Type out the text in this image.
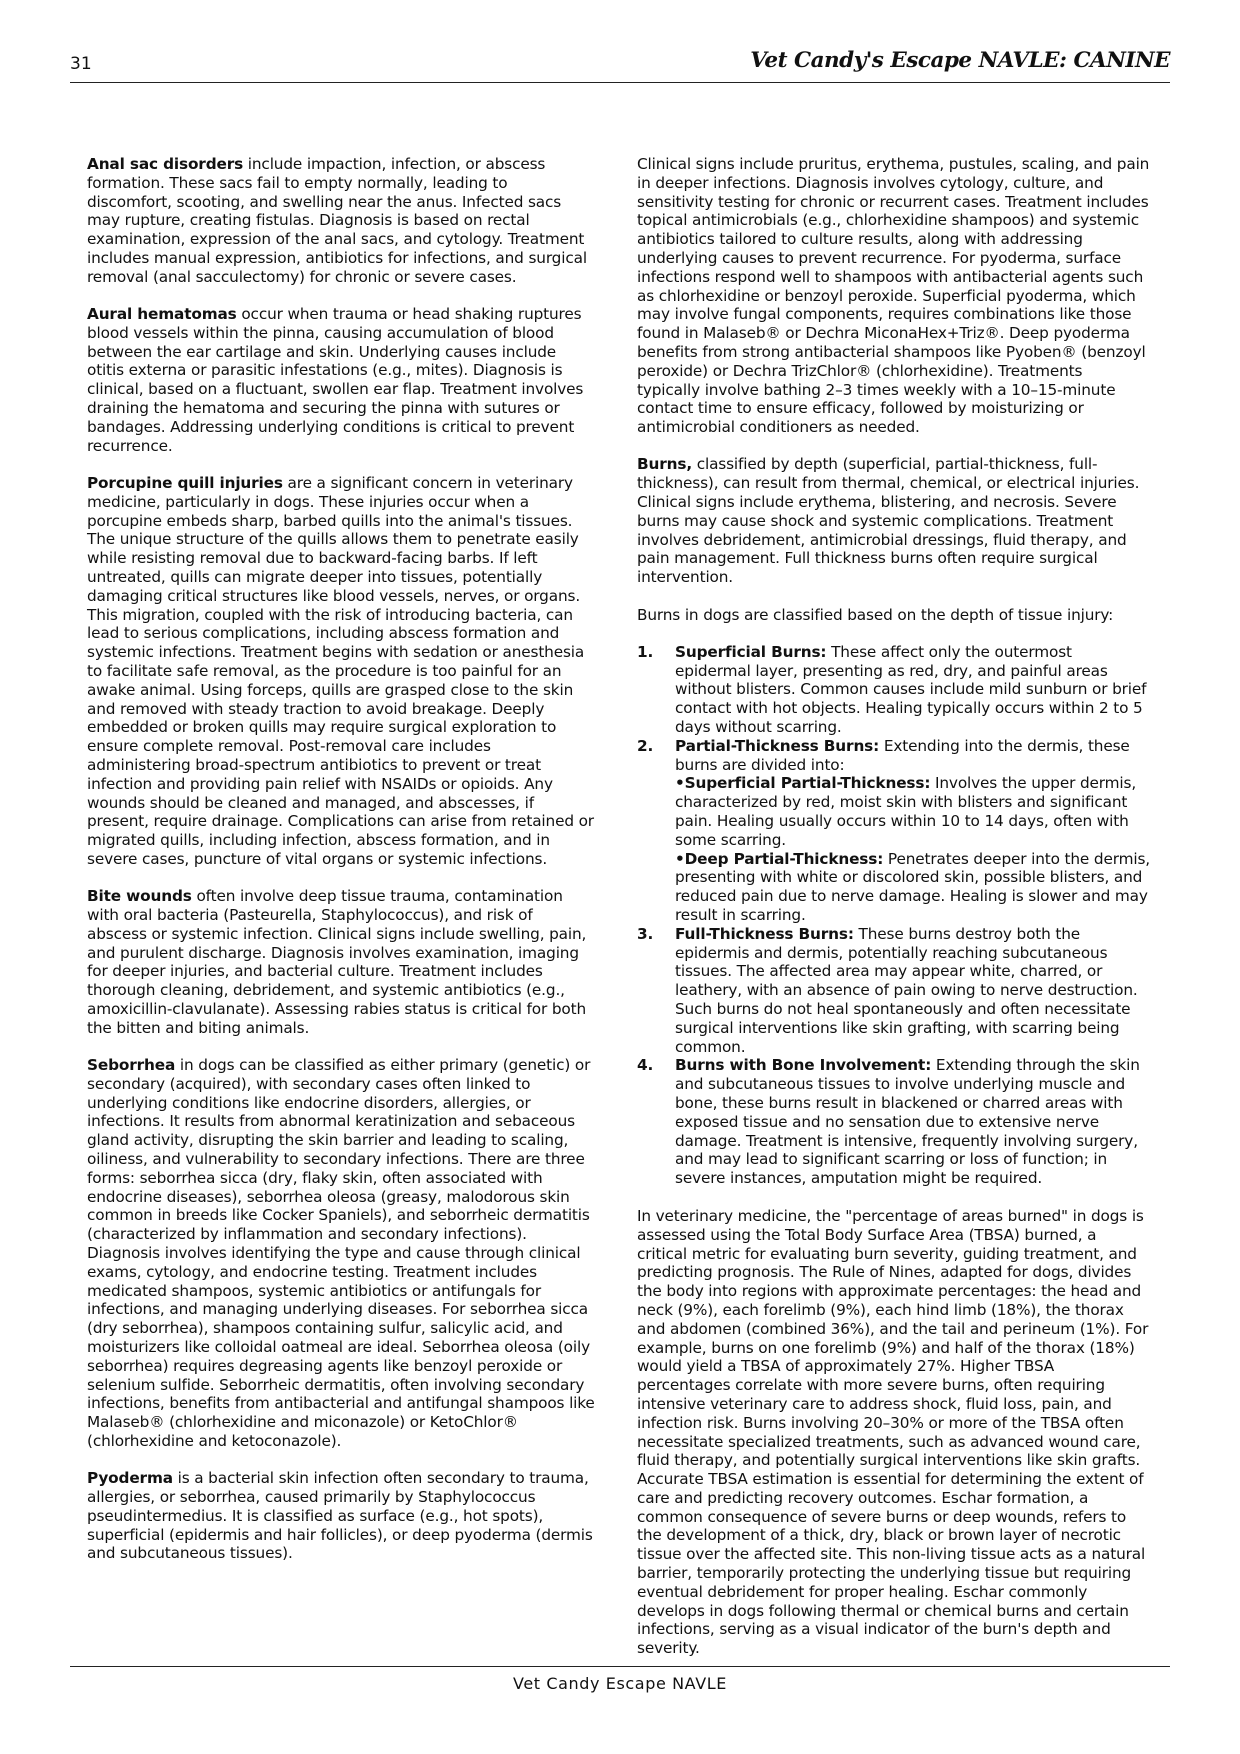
31	Vet Candy's Escape NAVLE: CANINE

Anal sac disorders include impaction, infection, or abscess formation. These sacs fail to empty normally, leading to discomfort, scooting, and swelling near the anus. Infected sacs may rupture, creating fistulas. Diagnosis is based on rectal examination, expression of the anal sacs, and cytology. Treatment includes manual expression, antibiotics for infections, and surgical removal (anal sacculectomy) for chronic or severe cases.

Aural hematomas occur when trauma or head shaking ruptures blood vessels within the pinna, causing accumulation of blood between the ear cartilage and skin. Underlying causes include otitis externa or parasitic infestations (e.g., mites). Diagnosis is clinical, based on a fluctuant, swollen ear flap. Treatment involves draining the hematoma and securing the pinna with sutures or bandages. Addressing underlying conditions is critical to prevent recurrence.

Porcupine quill injuries are a significant concern in veterinary medicine, particularly in dogs. These injuries occur when a porcupine embeds sharp, barbed quills into the animal's tissues. The unique structure of the quills allows them to penetrate easily while resisting removal due to backward-facing barbs. If left untreated, quills can migrate deeper into tissues, potentially damaging critical structures like blood vessels, nerves, or organs. This migration, coupled with the risk of introducing bacteria, can lead to serious complications, including abscess formation and systemic infections. Treatment begins with sedation or anesthesia to facilitate safe removal, as the procedure is too painful for an awake animal. Using forceps, quills are grasped close to the skin and removed with steady traction to avoid breakage. Deeply embedded or broken quills may require surgical exploration to ensure complete removal. Post-removal care includes administering broad-spectrum antibiotics to prevent or treat infection and providing pain relief with NSAIDs or opioids. Any wounds should be cleaned and managed, and abscesses, if present, require drainage. Complications can arise from retained or migrated quills, including infection, abscess formation, and in severe cases, puncture of vital organs or systemic infections.

Bite wounds often involve deep tissue trauma, contamination with oral bacteria (Pasteurella, Staphylococcus), and risk of abscess or systemic infection. Clinical signs include swelling, pain, and purulent discharge. Diagnosis involves examination, imaging for deeper injuries, and bacterial culture. Treatment includes thorough cleaning, debridement, and systemic antibiotics (e.g., amoxicillin-clavulanate). Assessing rabies status is critical for both the bitten and biting animals.

Seborrhea in dogs can be classified as either primary (genetic) or secondary (acquired), with secondary cases often linked to underlying conditions like endocrine disorders, allergies, or infections. It results from abnormal keratinization and sebaceous gland activity, disrupting the skin barrier and leading to scaling, oiliness, and vulnerability to secondary infections. There are three forms: seborrhea sicca (dry, flaky skin, often associated with endocrine diseases), seborrhea oleosa (greasy, malodorous skin common in breeds like Cocker Spaniels), and seborrheic dermatitis (characterized by inflammation and secondary infections). Diagnosis involves identifying the type and cause through clinical exams, cytology, and endocrine testing. Treatment includes medicated shampoos, systemic antibiotics or antifungals for infections, and managing underlying diseases. For seborrhea sicca (dry seborrhea), shampoos containing sulfur, salicylic acid, and moisturizers like colloidal oatmeal are ideal. Seborrhea oleosa (oily seborrhea) requires degreasing agents like benzoyl peroxide or selenium sulfide. Seborrheic dermatitis, often involving secondary infections, benefits from antibacterial and antifungal shampoos like Malaseb® (chlorhexidine and miconazole) or KetoChlor® (chlorhexidine and ketoconazole).

Pyoderma is a bacterial skin infection often secondary to trauma, allergies, or seborrhea, caused primarily by Staphylococcus pseudintermedius. It is classified as surface (e.g., hot spots), superficial (epidermis and hair follicles), or deep pyoderma (dermis and subcutaneous tissues).

Clinical signs include pruritus, erythema, pustules, scaling, and pain in deeper infections. Diagnosis involves cytology, culture, and sensitivity testing for chronic or recurrent cases. Treatment includes topical antimicrobials (e.g., chlorhexidine shampoos) and systemic antibiotics tailored to culture results, along with addressing underlying causes to prevent recurrence. For pyoderma, surface infections respond well to shampoos with antibacterial agents such as chlorhexidine or benzoyl peroxide. Superficial pyoderma, which may involve fungal components, requires combinations like those found in Malaseb® or Dechra MiconaHex+Triz®. Deep pyoderma benefits from strong antibacterial shampoos like Pyoben® (benzoyl peroxide) or Dechra TrizChlor® (chlorhexidine). Treatments typically involve bathing 2–3 times weekly with a 10–15-minute contact time to ensure efficacy, followed by moisturizing or antimicrobial conditioners as needed.

Burns, classified by depth (superficial, partial-thickness, full-thickness), can result from thermal, chemical, or electrical injuries. Clinical signs include erythema, blistering, and necrosis. Severe burns may cause shock and systemic complications. Treatment involves debridement, antimicrobial dressings, fluid therapy, and pain management. Full thickness burns often require surgical intervention.

Burns in dogs are classified based on the depth of tissue injury:

1. Superficial Burns: These affect only the outermost epidermal layer, presenting as red, dry, and painful areas without blisters. Common causes include mild sunburn or brief contact with hot objects. Healing typically occurs within 2 to 5 days without scarring.
2. Partial-Thickness Burns: Extending into the dermis, these burns are divided into:
•Superficial Partial-Thickness: Involves the upper dermis, characterized by red, moist skin with blisters and significant pain. Healing usually occurs within 10 to 14 days, often with some scarring.
•Deep Partial-Thickness: Penetrates deeper into the dermis, presenting with white or discolored skin, possible blisters, and reduced pain due to nerve damage. Healing is slower and may result in scarring.
3. Full-Thickness Burns: These burns destroy both the epidermis and dermis, potentially reaching subcutaneous tissues. The affected area may appear white, charred, or leathery, with an absence of pain owing to nerve destruction. Such burns do not heal spontaneously and often necessitate surgical interventions like skin grafting, with scarring being common.
4. Burns with Bone Involvement: Extending through the skin and subcutaneous tissues to involve underlying muscle and bone, these burns result in blackened or charred areas with exposed tissue and no sensation due to extensive nerve damage. Treatment is intensive, frequently involving surgery, and may lead to significant scarring or loss of function; in severe instances, amputation might be required.

In veterinary medicine, the "percentage of areas burned" in dogs is assessed using the Total Body Surface Area (TBSA) burned, a critical metric for evaluating burn severity, guiding treatment, and predicting prognosis. The Rule of Nines, adapted for dogs, divides the body into regions with approximate percentages: the head and neck (9%), each forelimb (9%), each hind limb (18%), the thorax and abdomen (combined 36%), and the tail and perineum (1%). For example, burns on one forelimb (9%) and half of the thorax (18%) would yield a TBSA of approximately 27%. Higher TBSA percentages correlate with more severe burns, often requiring intensive veterinary care to address shock, fluid loss, pain, and infection risk. Burns involving 20–30% or more of the TBSA often necessitate specialized treatments, such as advanced wound care, fluid therapy, and potentially surgical interventions like skin grafts. Accurate TBSA estimation is essential for determining the extent of care and predicting recovery outcomes. Eschar formation, a common consequence of severe burns or deep wounds, refers to the development of a thick, dry, black or brown layer of necrotic tissue over the affected site. This non-living tissue acts as a natural barrier, temporarily protecting the underlying tissue but requiring eventual debridement for proper healing. Eschar commonly develops in dogs following thermal or chemical burns and certain infections, serving as a visual indicator of the burn's depth and severity.

Vet Candy Escape NAVLE
